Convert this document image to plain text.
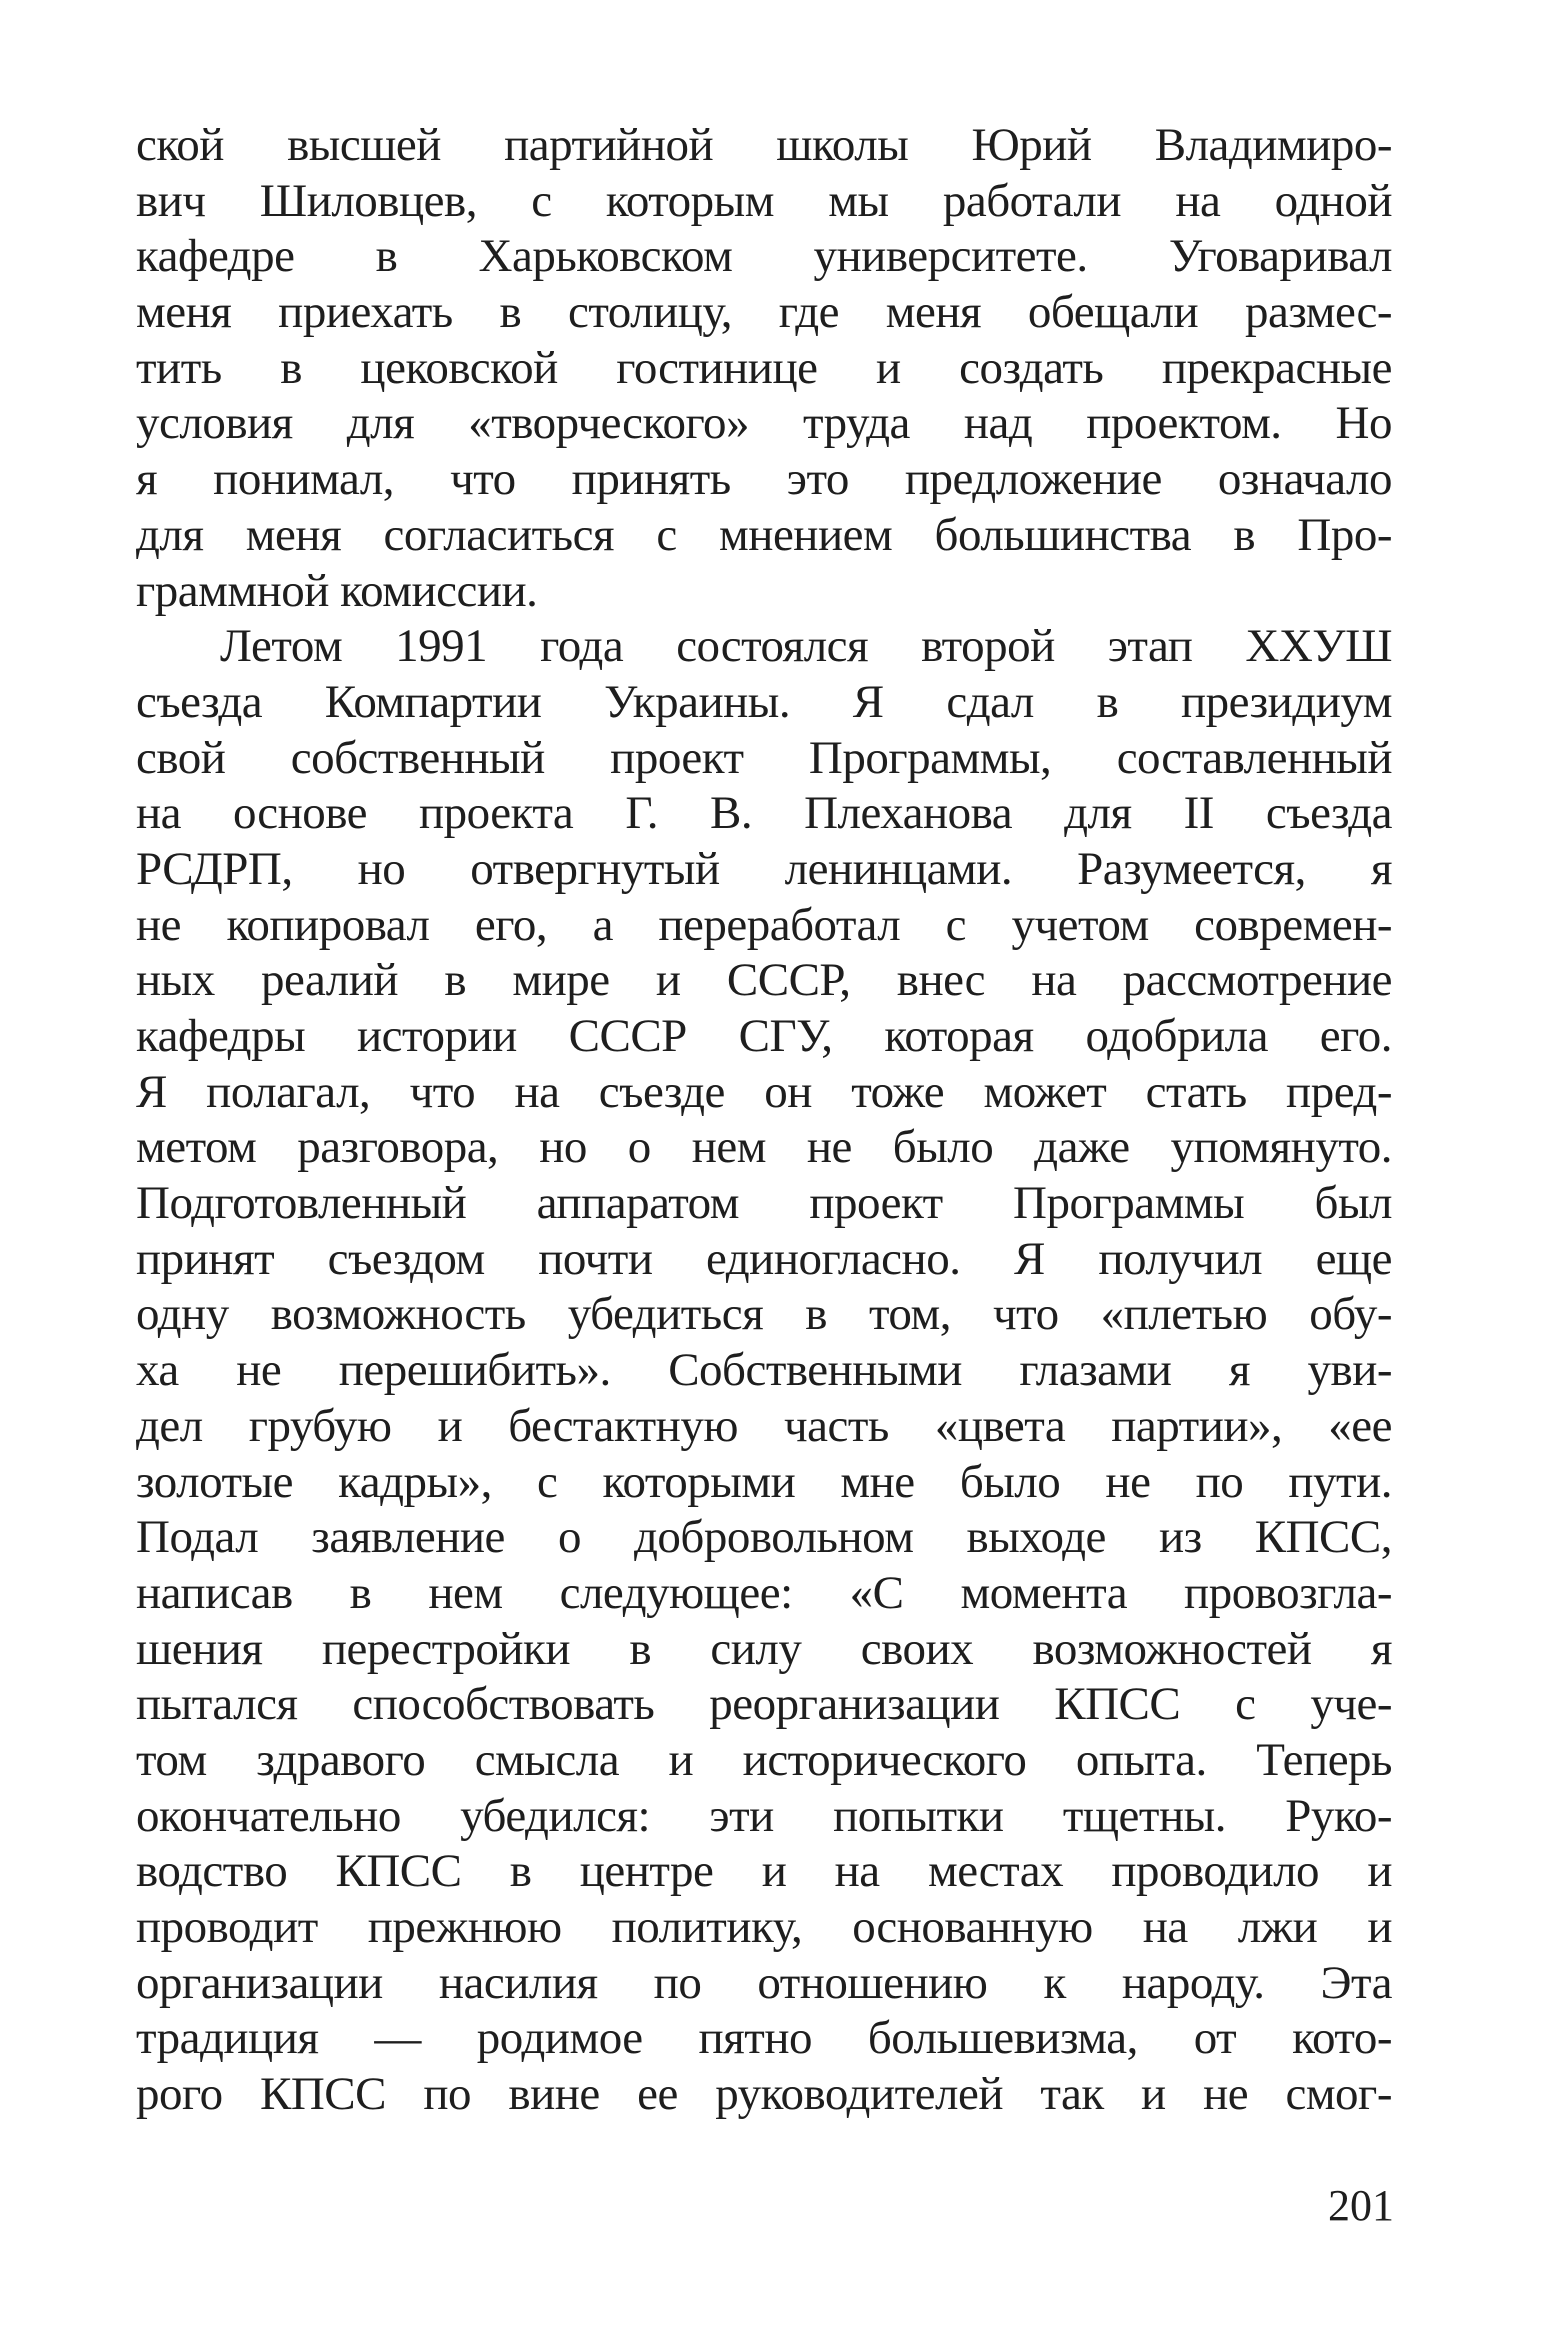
ской высшей партийной школы Юрий Владимиро-
вич Шиловцев, с которым мы работали на одной
кафедре в Харьковском университете. Уговаривал
меня приехать в столицу, где меня обещали размес-
тить в цековской гостинице и создать прекрасные
условия для «творческого» труда над проектом. Но
я понимал, что принять это предложение означало
для меня согласиться с мнением большинства в Про-
граммной комиссии.
Летом 1991 года состоялся второй этап ХХУШ
съезда Компартии Украины. Я сдал в президиум
свой собственный проект Программы, составленный
на основе проекта Г. В. Плеханова для II съезда
РСДРП, но отвергнутый ленинцами. Разумеется, я
не копировал его, а переработал с учетом современ-
ных реалий в мире и СССР, внес на рассмотрение
кафедры истории СССР СГУ, которая одобрила его.
Я полагал, что на съезде он тоже может стать пред-
метом разговора, но о нем не было даже упомянуто.
Подготовленный аппаратом проект Программы был
принят съездом почти единогласно. Я получил еще
одну возможность убедиться в том, что «плетью обу-
ха не перешибить». Собственными глазами я уви-
дел грубую и бестактную часть «цвета партии», «ее
золотые кадры», с которыми мне было не по пути.
Подал заявление о добровольном выходе из КПСС,
написав в нем следующее: «С момента провозгла-
шения перестройки в силу своих возможностей я
пытался способствовать реорганизации КПСС с уче-
том здравого смысла и исторического опыта. Теперь
окончательно убедился: эти попытки тщетны. Руко-
водство КПСС в центре и на местах проводило и
проводит прежнюю политику, основанную на лжи и
организации насилия по отношению к народу. Эта
традиция — родимое пятно большевизма, от кото-
рого КПСС по вине ее руководителей так и не смог-
201
